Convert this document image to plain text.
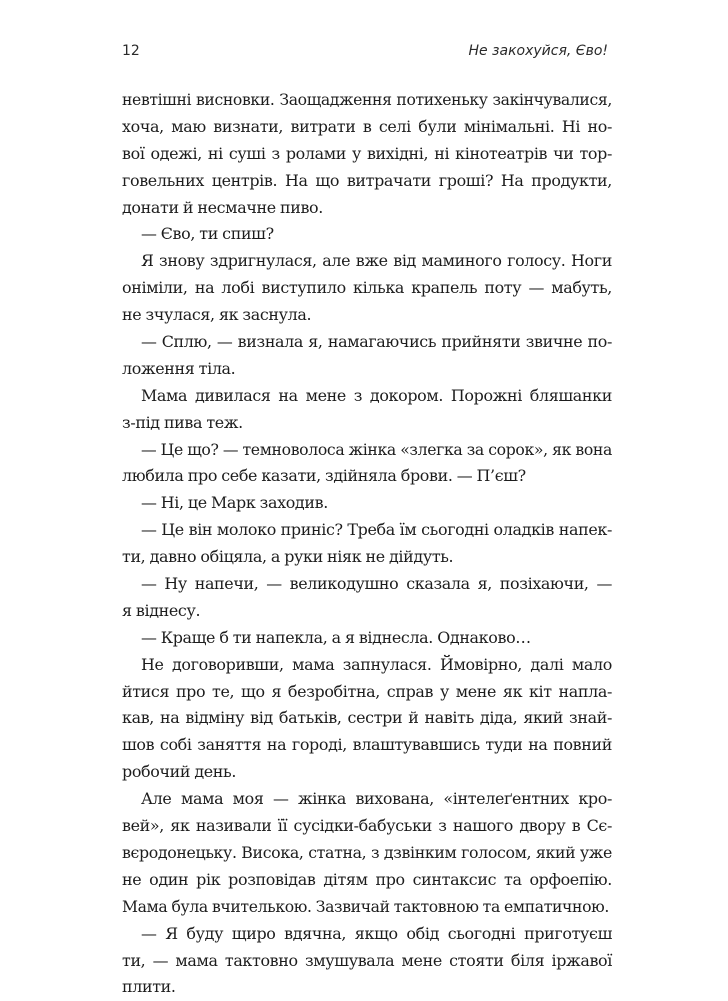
12	Не закохуйся, Єво!
невтішні висновки. Заощадження потихеньку закінчувалися,
хоча, маю визнати, витрати в селі були мінімальні. Ні но-
вої одежі, ні суші з ролами у вихідні, ні кінотеатрів чи тор-
говельних центрів. На що витрачати гроші? На продукти,
донати й несмачне пиво.
— Єво, ти спиш?
Я знову здригнулася, але вже від маминого голосу. Ноги
оніміли, на лобі виступило кілька крапель поту — мабуть,
не зчулася, як заснула.
— Сплю, — визнала я, намагаючись прийняти звичне по-
ложення тіла.
Мама дивилася на мене з докором. Порожні бляшанки
з-під пива теж.
— Це що? — темноволоса жінка «злегка за сорок», як вона
любила про себе казати, здійняла брови. — П’єш?
— Ні, це Марк заходив.
— Це він молоко приніс? Треба їм сьогодні оладків напек-
ти, давно обіцяла, а руки ніяк не дійдуть.
— Ну напечи, — великодушно сказала я, позіхаючи, —
я віднесу.
— Краще б ти напекла, а я віднесла. Однаково…
Не договоривши, мама запнулася. Ймовірно, далі мало
йтися про те, що я безробітна, справ у мене як кіт напла-
кав, на відміну від батьків, сестри й навіть діда, який знай-
шов собі заняття на городі, влаштувавшись туди на повний
робочий день.
Але мама моя — жінка вихована, «інтелеґентних кро-
вей», як називали її сусідки-бабуськи з нашого двору в Сє-
вєродонецьку. Висока, статна, з дзвінким голосом, який уже
не один рік розповідав дітям про синтаксис та орфоепію.
Мама була вчителькою. Зазвичай тактовною та емпатичною.
— Я буду щиро вдячна, якщо обід сьогодні приготуєш
ти, — мама тактовно змушувала мене стояти біля іржавої
плити.
